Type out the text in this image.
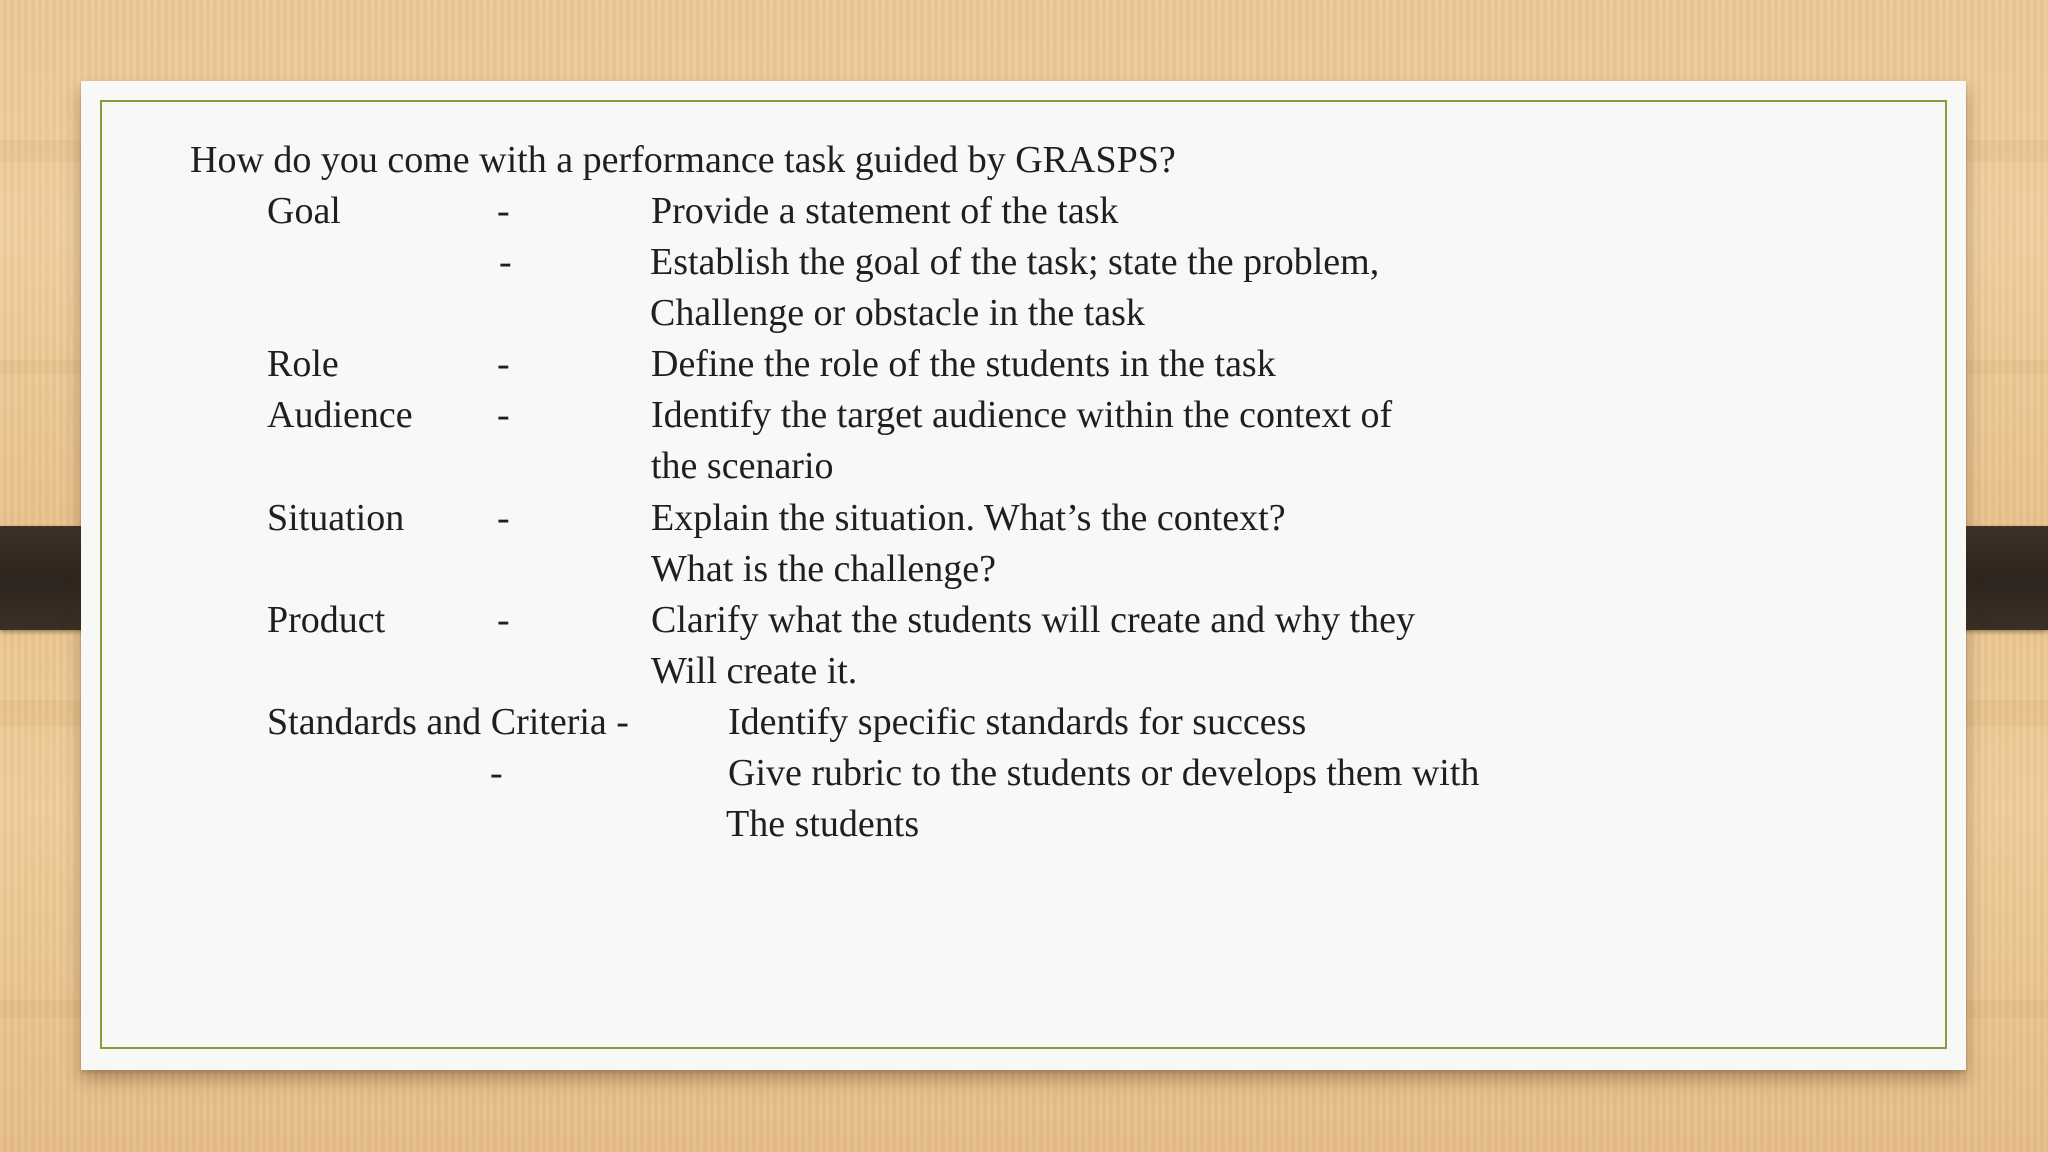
How do you come with a performance task guided by GRASPS?

Goal	-	Provide a statement of the task

-	Establish the goal of the task; state the problem,

Challenge or obstacle in the task

Role	-	Define the role of the students in the task

Audience -	Identify the target audience within the context of

the scenario

Situation -	Explain the situation. What’s the context?

What is the challenge?

Product	-	Clarify what the students will create and why they

Will create it.

Standards and Criteria -	Identify specific standards for success

-	Give rubric to the students or develops them with

The students
